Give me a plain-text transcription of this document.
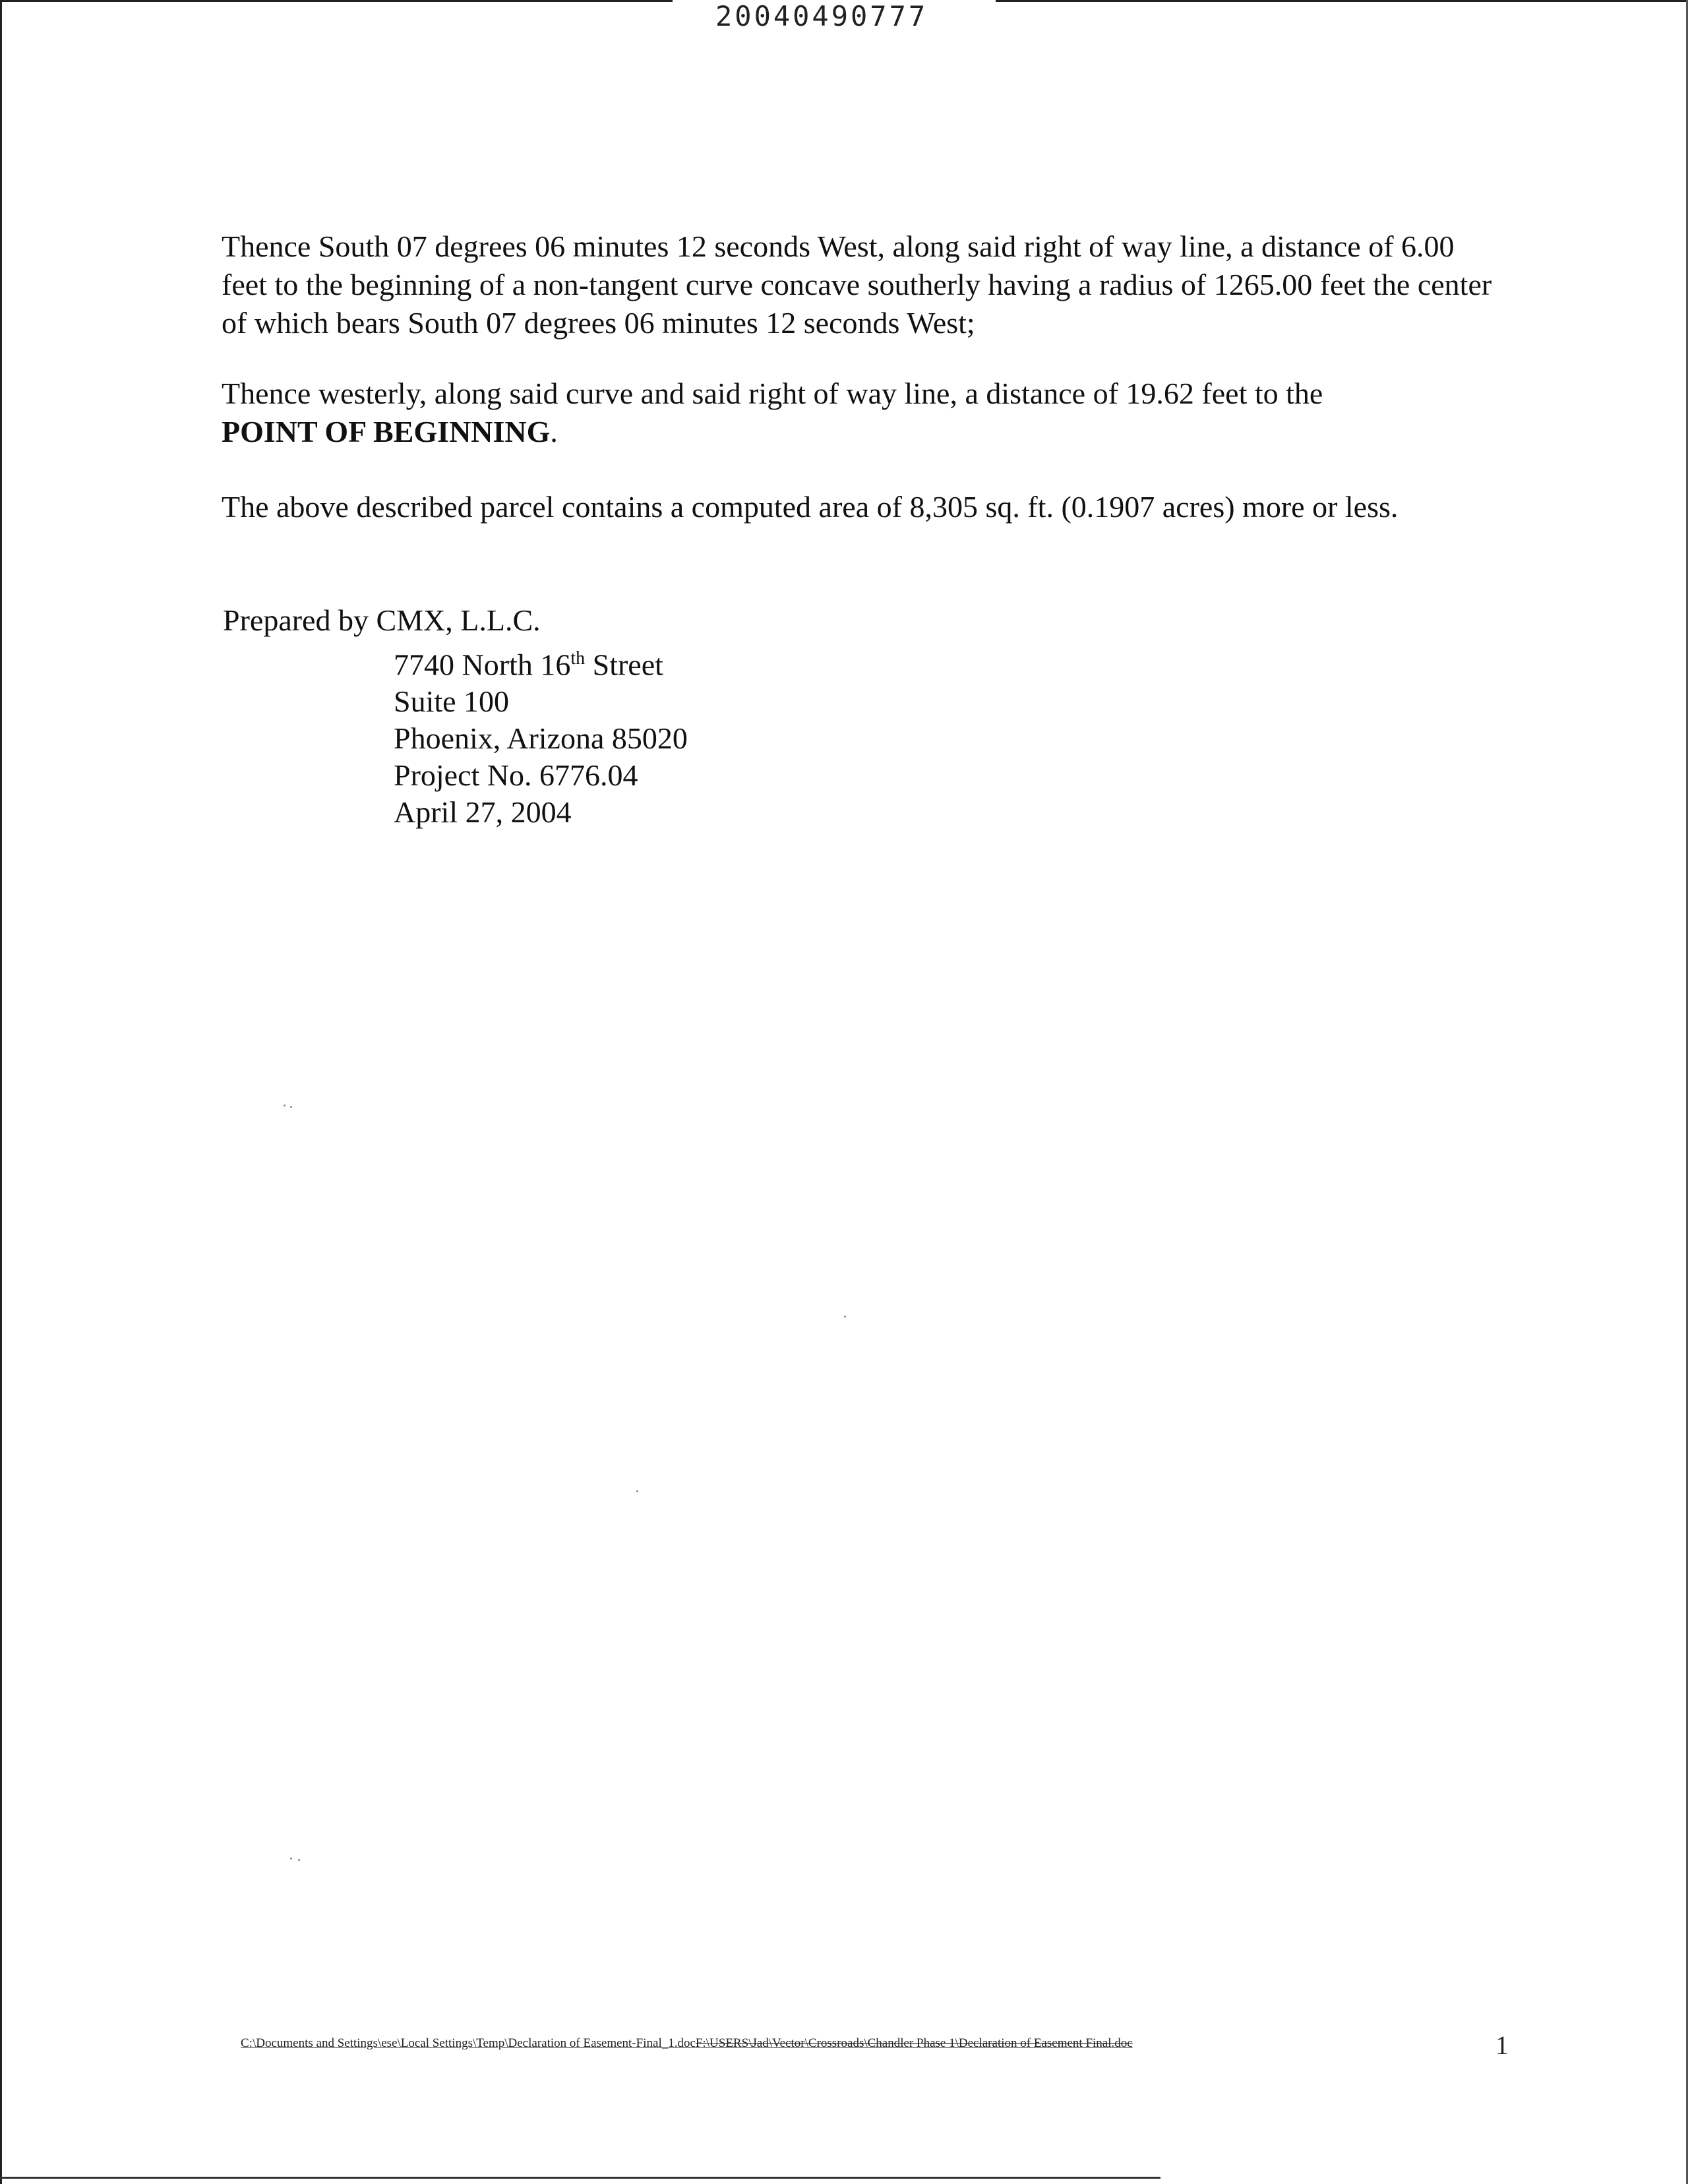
20040490777
Thence South 07 degrees 06 minutes 12 seconds West, along said right of way line, a distance of 6.00 feet to the beginning of a non-tangent curve concave southerly having a radius of 1265.00 feet the center of which bears South 07 degrees 06 minutes 12 seconds West;
Thence westerly, along said curve and said right of way line, a distance of 19.62 feet to the
POINT OF BEGINNING.
The above described parcel contains a computed area of 8,305 sq. ft. (0.1907 acres) more or less.
Prepared by CMX, L.L.C.
7740 North 16th Street
Suite 100
Phoenix, Arizona 85020
Project No. 6776.04
April 27, 2004
C:\Documents and Settings\ese\Local Settings\Temp\Declaration of Easement-Final_1.docF:\USERS\Jad\Vector\Crossroads\Chandler Phase 1\Declaration of Easement Final.doc	1
